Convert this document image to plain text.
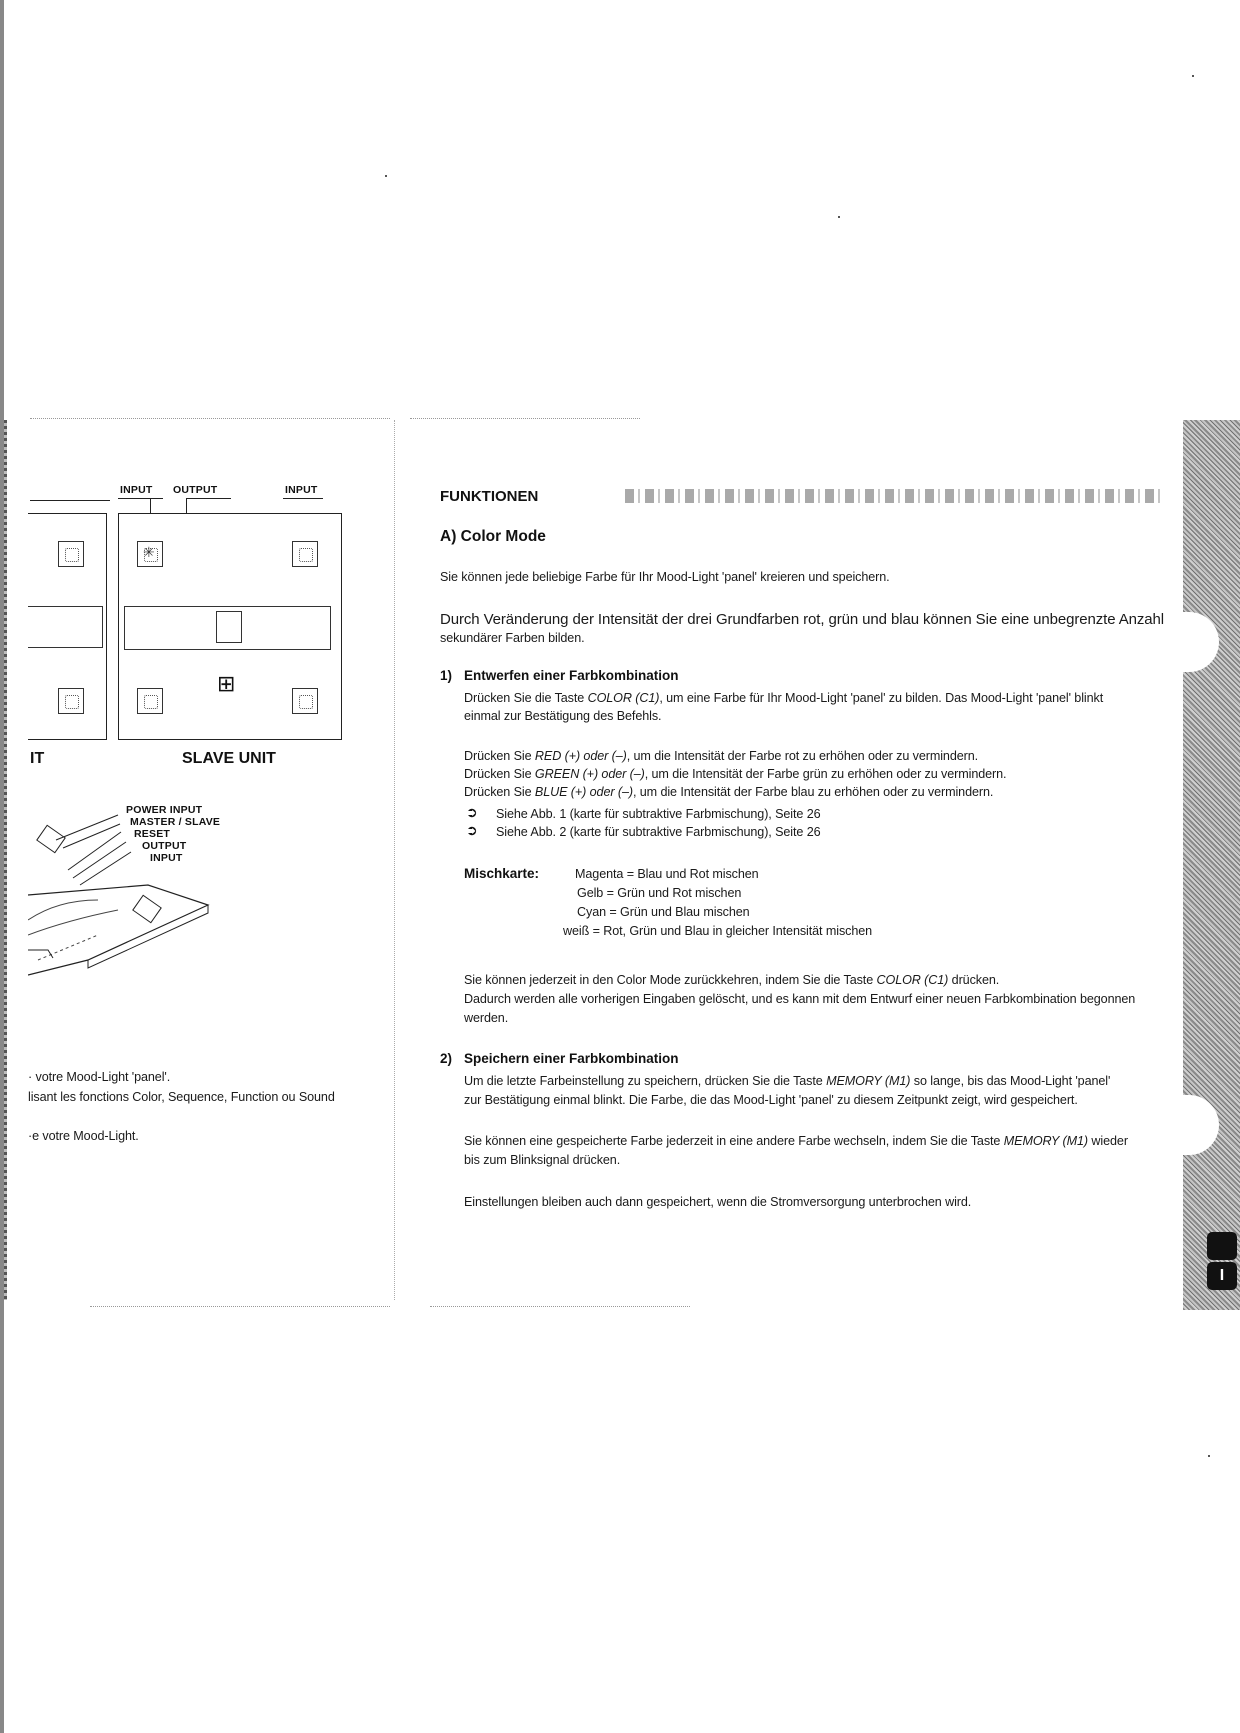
I
INPUT OUTPUT	INPUT
✳
⊞
IT	SLAVE UNIT
POWER INPUT
MASTER / SLAVE
RESET
OUTPUT
INPUT
· votre Mood-Light 'panel'.
lisant les fonctions Color, Sequence, Function ou Sound
·e votre Mood-Light.
FUNKTIONEN
A) Color Mode
Sie können jede beliebige Farbe für Ihr Mood-Light 'panel' kreieren und speichern.
Durch Veränderung der Intensität der drei Grundfarben rot, grün und blau können Sie eine unbegrenzte Anzahl
sekundärer Farben bilden.
1) Entwerfen einer Farbkombination
Drücken Sie die Taste COLOR (C1), um eine Farbe für Ihr Mood-Light 'panel' zu bilden. Das Mood-Light 'panel' blinkt
einmal zur Bestätigung des Befehls.
Drücken Sie RED (+) oder (–), um die Intensität der Farbe rot zu erhöhen oder zu vermindern.
Drücken Sie GREEN (+) oder (–), um die Intensität der Farbe grün zu erhöhen oder zu vermindern.
Drücken Sie BLUE (+) oder (–), um die Intensität der Farbe blau zu erhöhen oder zu vermindern.
➲ Siehe Abb. 1 (karte für subtraktive Farbmischung), Seite 26
➲ Siehe Abb. 2 (karte für subtraktive Farbmischung), Seite 26
Mischkarte:	Magenta = Blau und Rot mischen
Gelb = Grün und Rot mischen
Cyan = Grün und Blau mischen
weiß = Rot, Grün und Blau in gleicher Intensität mischen
Sie können jederzeit in den Color Mode zurückkehren, indem Sie die Taste COLOR (C1) drücken.
Dadurch werden alle vorherigen Eingaben gelöscht, und es kann mit dem Entwurf einer neuen Farbkombination begonnen
werden.
2) Speichern einer Farbkombination
Um die letzte Farbeinstellung zu speichern, drücken Sie die Taste MEMORY (M1) so lange, bis das Mood-Light 'panel'
zur Bestätigung einmal blinkt. Die Farbe, die das Mood-Light 'panel' zu diesem Zeitpunkt zeigt, wird gespeichert.
Sie können eine gespeicherte Farbe jederzeit in eine andere Farbe wechseln, indem Sie die Taste MEMORY (M1) wieder
bis zum Blinksignal drücken.
Einstellungen bleiben auch dann gespeichert, wenn die Stromversorgung unterbrochen wird.
